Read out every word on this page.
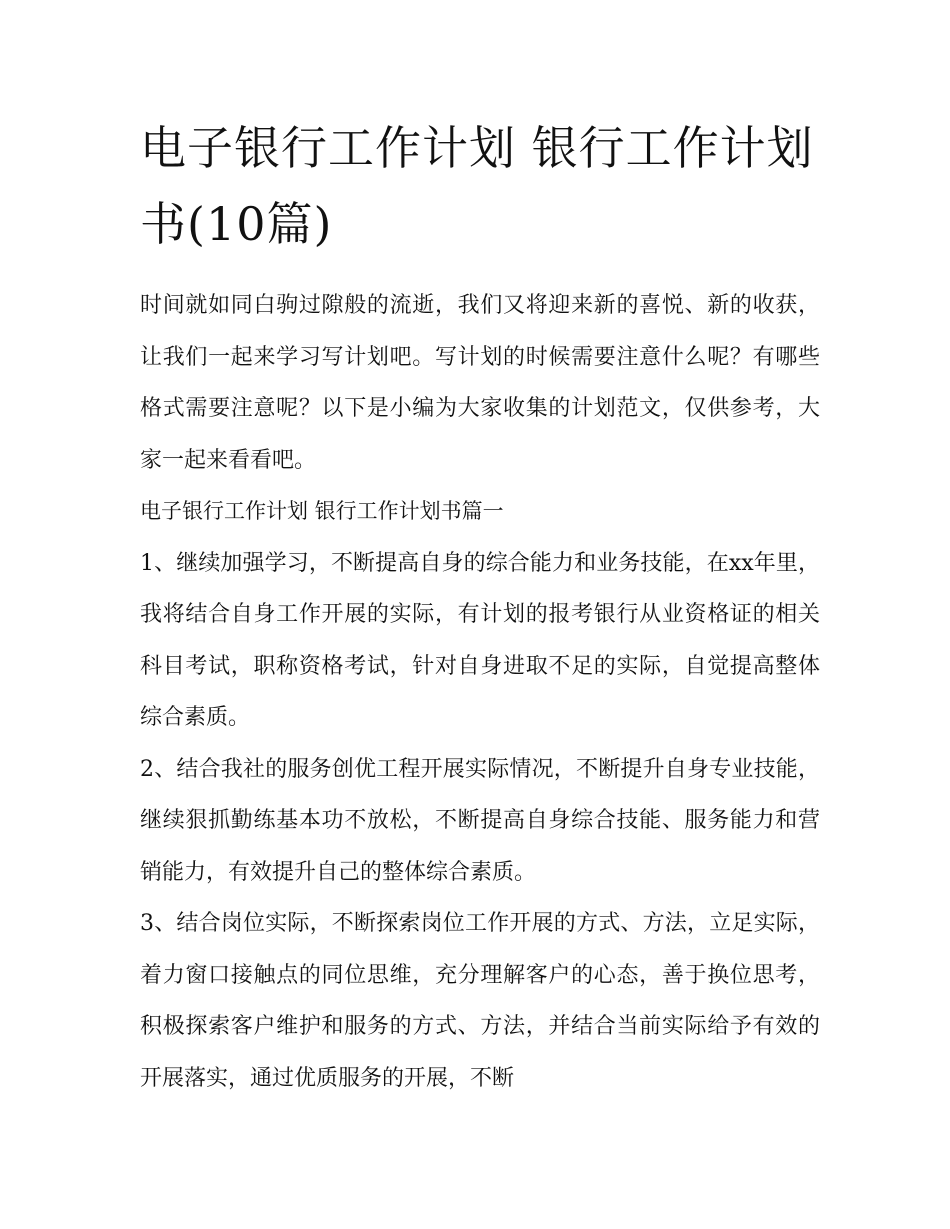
电子银行工作计划 银行工作计划书(10篇)

时间就如同白驹过隙般的流逝，我们又将迎来新的喜悦、新的收获，让我们一起来学习写计划吧。写计划的时候需要注意什么呢？有哪些格式需要注意呢？以下是小编为大家收集的计划范文，仅供参考，大家一起来看看吧。

电子银行工作计划 银行工作计划书篇一

1、继续加强学习，不断提高自身的综合能力和业务技能，在xx年里，我将结合自身工作开展的实际，有计划的报考银行从业资格证的相关科目考试，职称资格考试，针对自身进取不足的实际，自觉提高整体综合素质。

2、结合我社的服务创优工程开展实际情况，不断提升自身专业技能，继续狠抓勤练基本功不放松，不断提高自身综合技能、服务能力和营销能力，有效提升自己的整体综合素质。

3、结合岗位实际，不断探索岗位工作开展的方式、方法，立足实际，着力窗口接触点的同位思维，充分理解客户的心态，善于换位思考，积极探索客户维护和服务的方式、方法，并结合当前实际给予有效的开展落实，通过优质服务的开展，不断
